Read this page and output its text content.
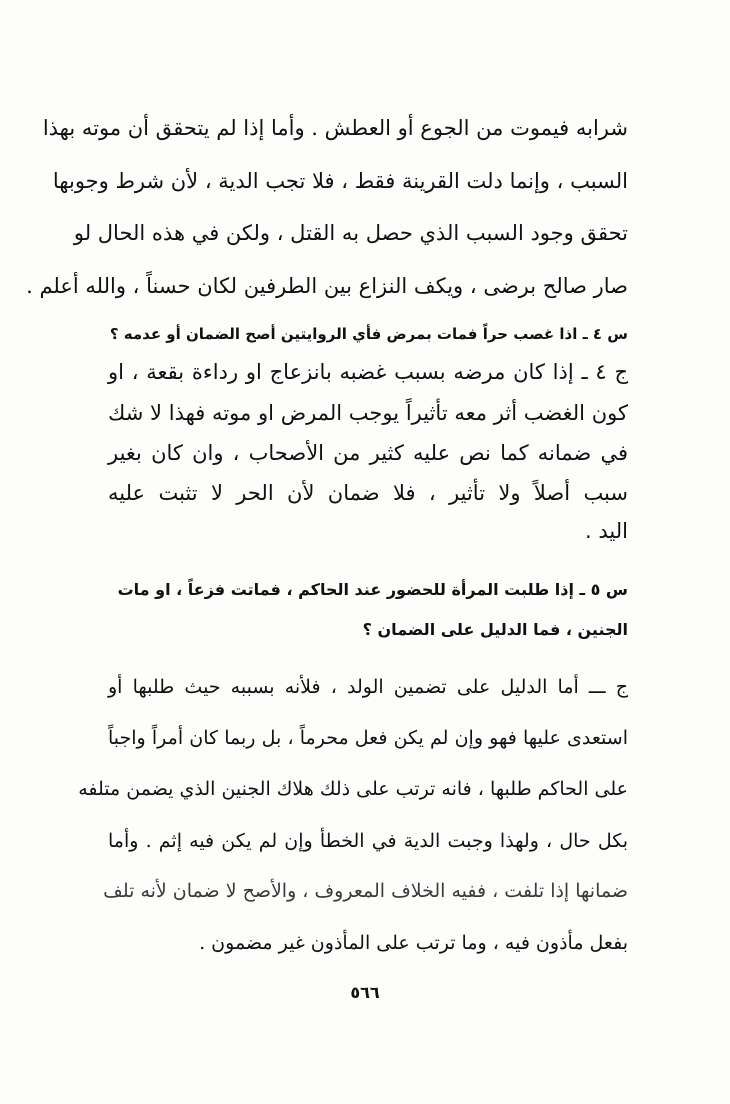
شرابه فيموت من الجوع أو العطش . وأما إذا لم يتحقق أن موته بهذا
السبب ، وإنما دلت القرينة فقط ، فلا تجب الدية ، لأن شرط وجوبها
تحقق وجود السبب الذي حصل به القتل ، ولكن في هذه الحال لو
صار صالح برضى ، ويكف النزاع بين الطرفين لكان حسناً ، والله أعلم .
س ٤ ـ اذا غصب حراً فمات بمرض فأي الروايتين أصح الضمان أو عدمه ؟
ج ٤ ـ إذا كان مرضه بسبب غضبه بانزعاج او رداءة بقعة ، او
كون الغضب أثر معه تأثيراً يوجب المرض او موته فهذا لا شك
في ضمانه كما نص عليه كثير من الأصحاب ، وان كان بغير
سبب أصلاً ولا تأثير ، فلا ضمان لأن الحر لا تثبت عليه
اليد .
س ٥ ـ إذا طلبت المرأة للحضور عند الحاكم ، فماتت فزعاً ، او مات
الجنين ، فما الدليل على الضمان ؟
ج ـــ أما الدليل على تضمين الولد ، فلأنه بسببه حيث طلبها أو
استعدى عليها فهو وإن لم يكن فعل محرماً ، بل ربما كان أمراً واجباً
على الحاكم طلبها ، فانه ترتب على ذلك هلاك الجنين الذي يضمن متلفه
بكل حال ، ولهذا وجبت الدية في الخطأ وإن لم يكن فيه إثم . وأما
ضمانها إذا تلفت ، ففيه الخلاف المعروف ، والأصح لا ضمان لأنه تلف
بفعل مأذون فيه ، وما ترتب على المأذون غير مضمون .
٥٦٦
